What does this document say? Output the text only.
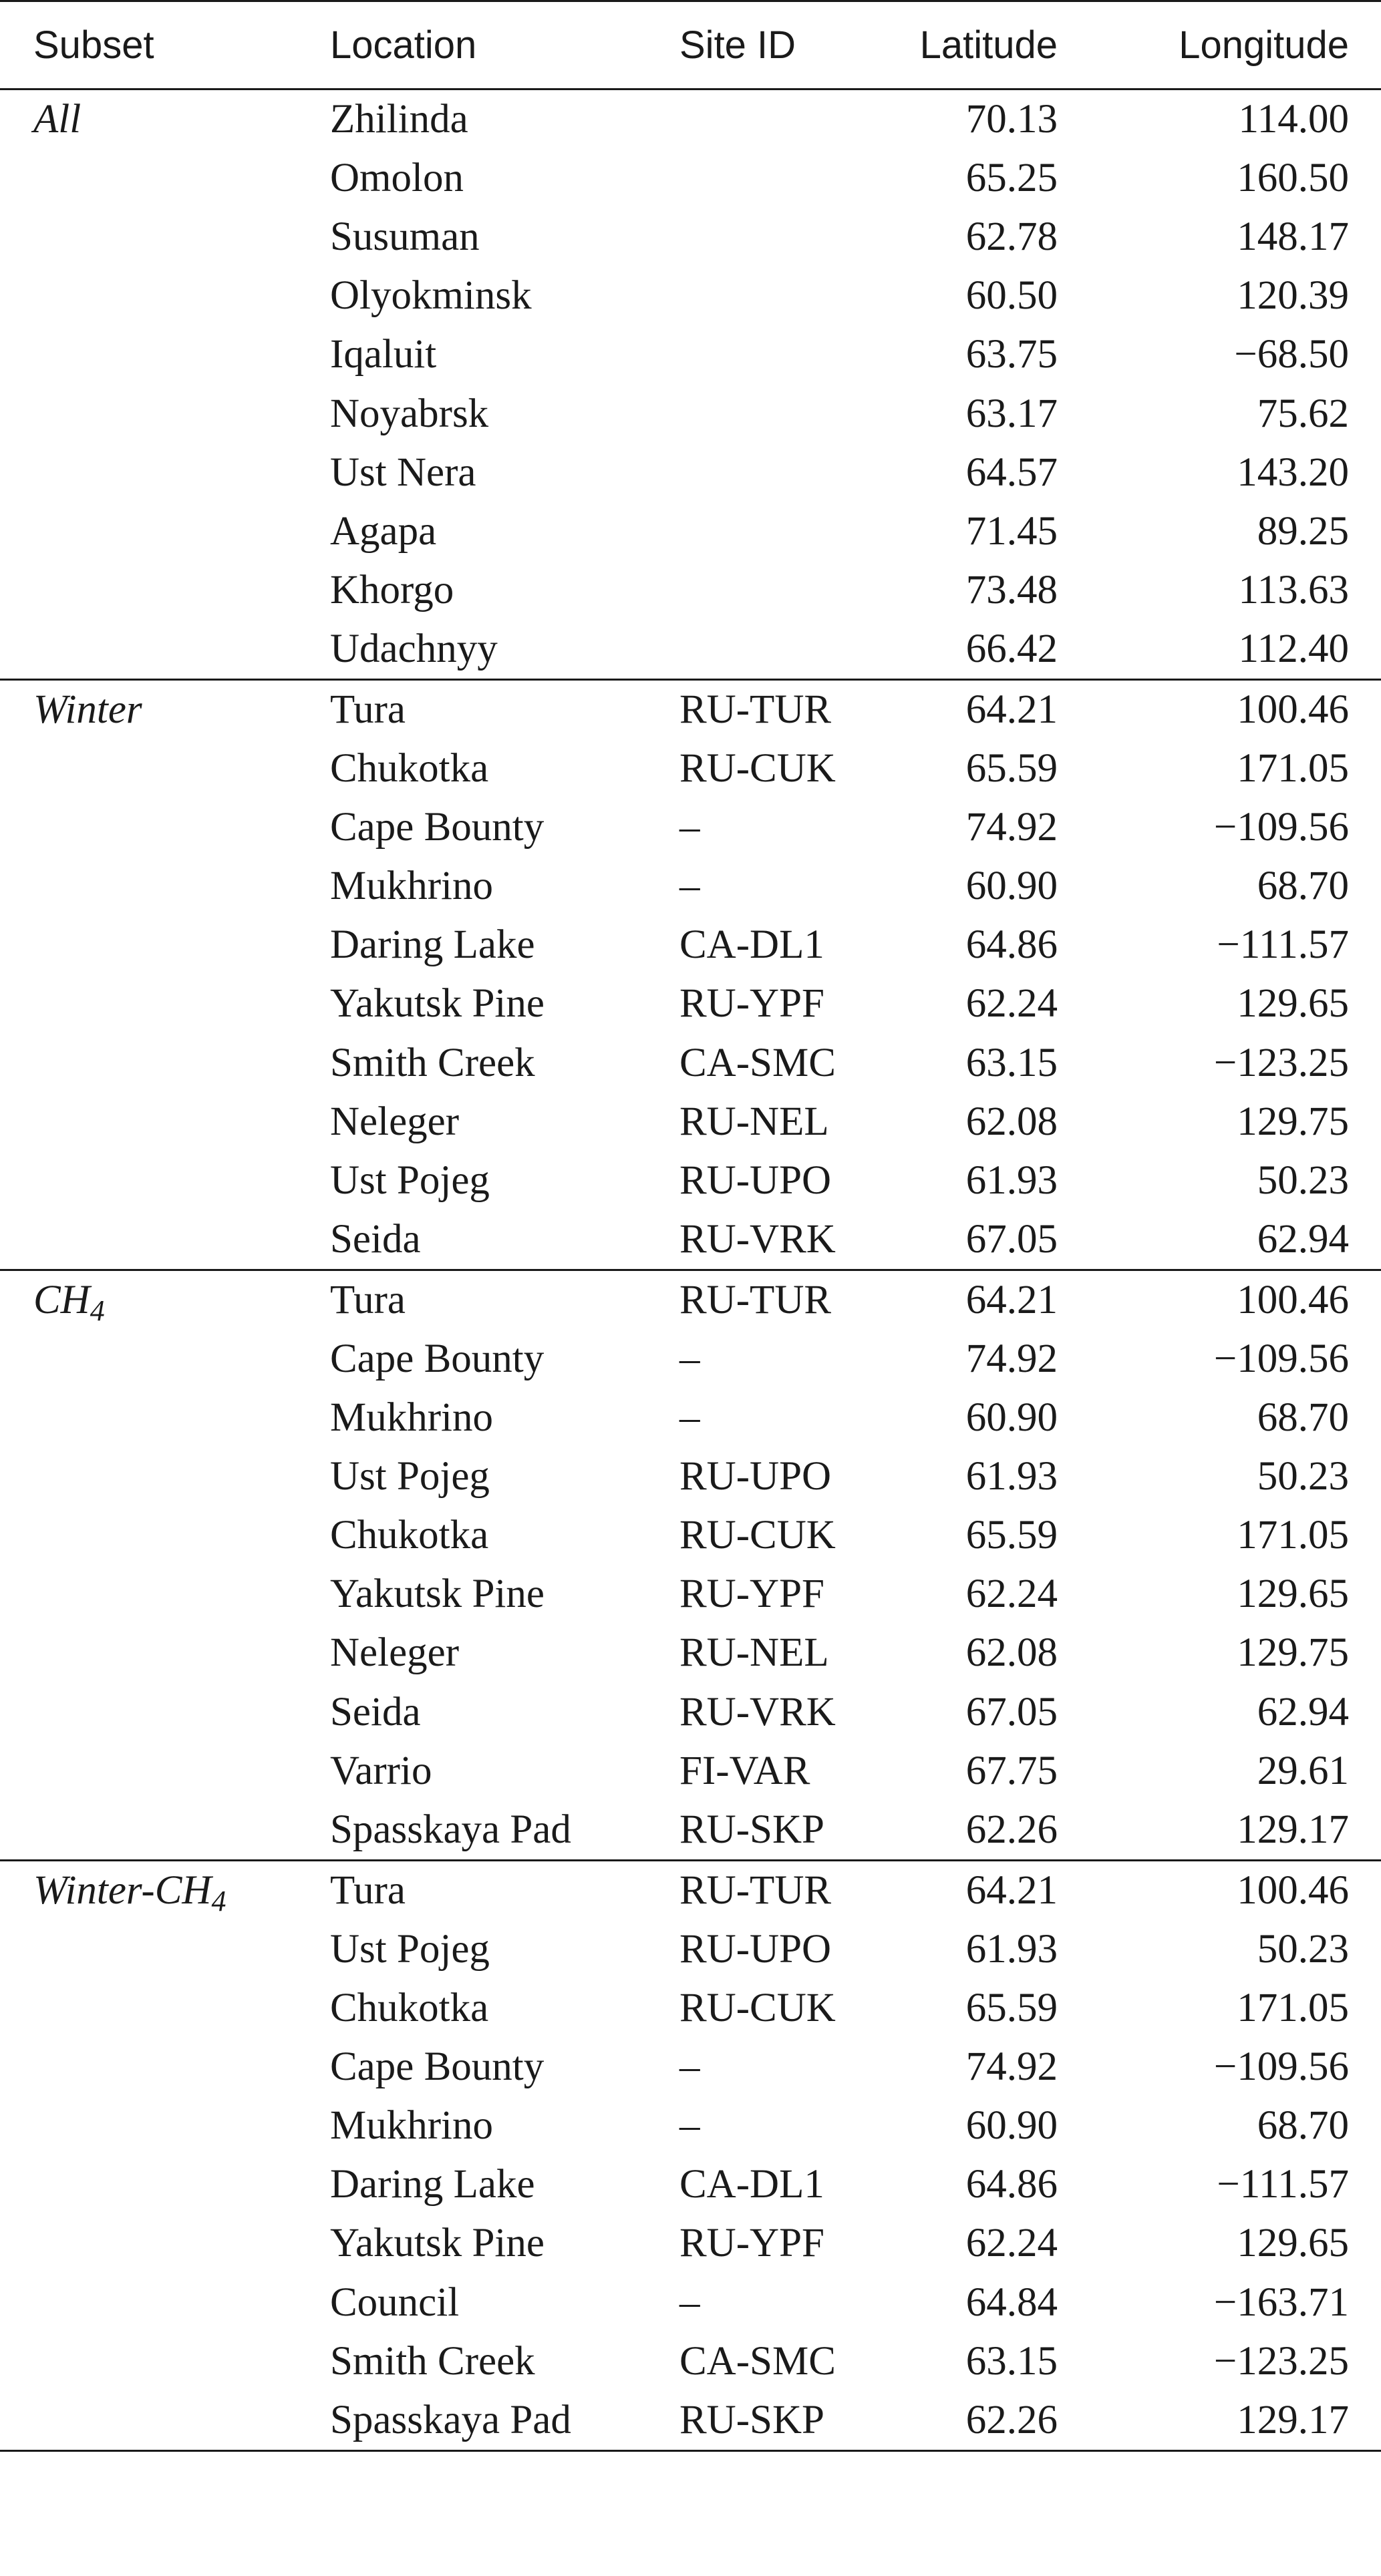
Subset	Location	Site ID	Latitude	Longitude
All	Zhilinda		70.13	114.00
	Omolon		65.25	160.50
	Susuman		62.78	148.17
	Olyokminsk		60.50	120.39
	Iqaluit		63.75	−68.50
	Noyabrsk		63.17	75.62
	Ust Nera		64.57	143.20
	Agapa		71.45	89.25
	Khorgo		73.48	113.63
	Udachnyy		66.42	112.40
Winter	Tura	RU-TUR	64.21	100.46
	Chukotka	RU-CUK	65.59	171.05
	Cape Bounty	–	74.92	−109.56
	Mukhrino	–	60.90	68.70
	Daring Lake	CA-DL1	64.86	−111.57
	Yakutsk Pine	RU-YPF	62.24	129.65
	Smith Creek	CA-SMC	63.15	−123.25
	Neleger	RU-NEL	62.08	129.75
	Ust Pojeg	RU-UPO	61.93	50.23
	Seida	RU-VRK	67.05	62.94
CH4	Tura	RU-TUR	64.21	100.46
	Cape Bounty	–	74.92	−109.56
	Mukhrino	–	60.90	68.70
	Ust Pojeg	RU-UPO	61.93	50.23
	Chukotka	RU-CUK	65.59	171.05
	Yakutsk Pine	RU-YPF	62.24	129.65
	Neleger	RU-NEL	62.08	129.75
	Seida	RU-VRK	67.05	62.94
	Varrio	FI-VAR	67.75	29.61
	Spasskaya Pad	RU-SKP	62.26	129.17
Winter-CH4	Tura	RU-TUR	64.21	100.46
	Ust Pojeg	RU-UPO	61.93	50.23
	Chukotka	RU-CUK	65.59	171.05
	Cape Bounty	–	74.92	−109.56
	Mukhrino	–	60.90	68.70
	Daring Lake	CA-DL1	64.86	−111.57
	Yakutsk Pine	RU-YPF	62.24	129.65
	Council	–	64.84	−163.71
	Smith Creek	CA-SMC	63.15	−123.25
	Spasskaya Pad	RU-SKP	62.26	129.17
